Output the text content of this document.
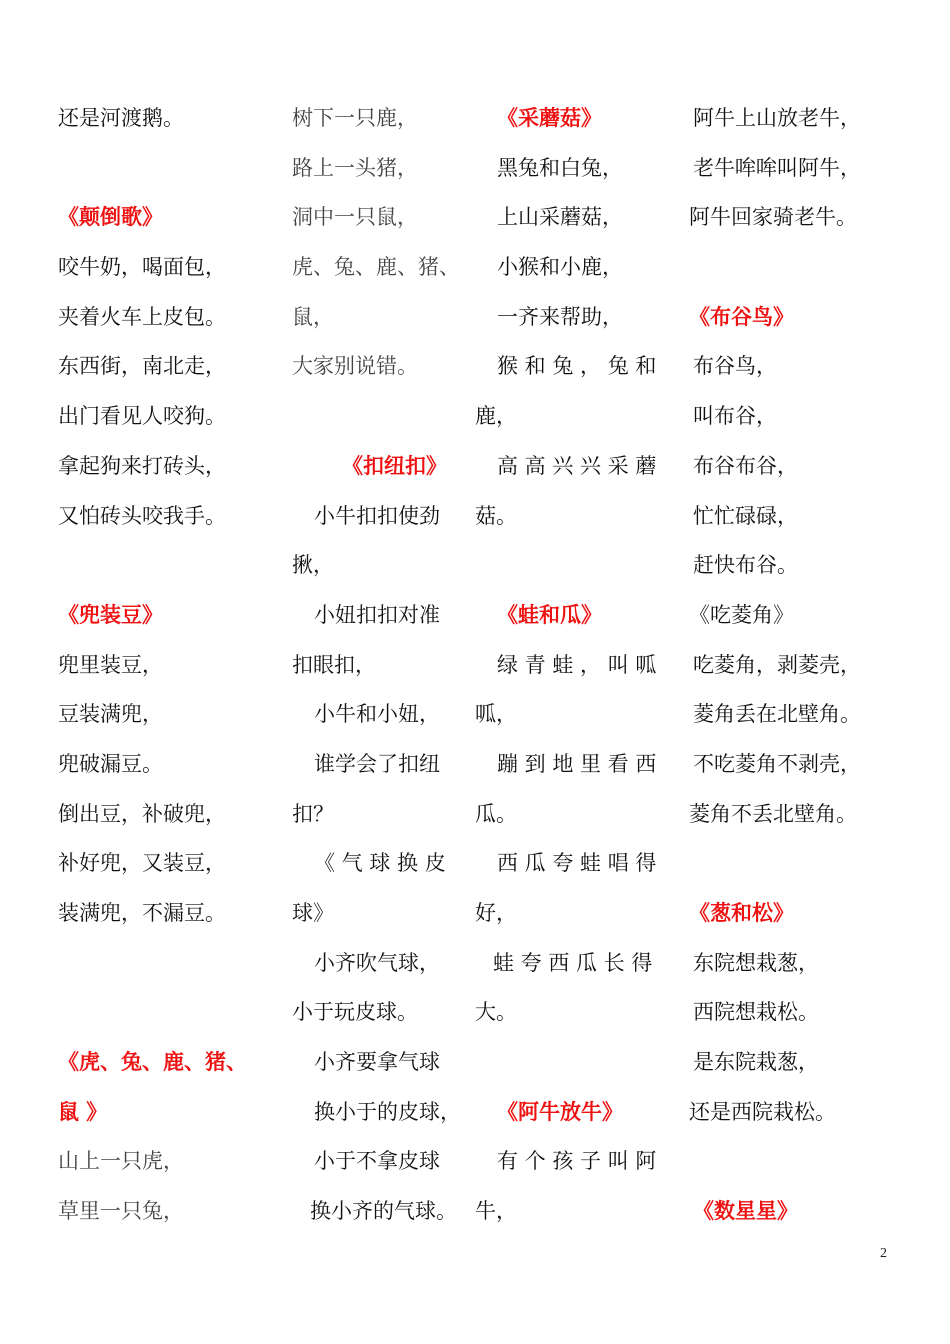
还是河渡鹅。
《颠倒歌》
咬牛奶，喝面包，
夹着火车上皮包。
东西街，南北走，
出门看见人咬狗。
拿起狗来打砖头，
又怕砖头咬我手。
《兜装豆》
兜里装豆，
豆装满兜，
兜破漏豆。
倒出豆，补破兜，
补好兜，又装豆，
装满兜，不漏豆。
《虎、兔、鹿、猪、
鼠 》
山上一只虎，
草里一只兔，
树下一只鹿，
路上一头猪，
洞中一只鼠，
虎、兔、鹿、猪、
鼠，
大家别说错。
《扣纽扣》
小牛扣扣使劲
揪，
小妞扣扣对准
扣眼扣，
小牛和小妞，
谁学会了扣纽
扣？
《 气 球 换 皮
球》
小齐吹气球，
小于玩皮球。
小齐要拿气球
换小于的皮球，
小于不拿皮球
换小齐的气球。
《采蘑菇》
黑兔和白兔，
上山采蘑菇，
小猴和小鹿，
一齐来帮助，
猴 和 兔 ， 兔 和
鹿，
高 高 兴 兴 采 蘑
菇。
《蛙和瓜》
绿 青 蛙 ， 叫 呱
呱，
蹦 到 地 里 看 西
瓜。
西 瓜 夸 蛙 唱 得
好，
蛙 夸 西 瓜 长 得
大。
《阿牛放牛》
有 个 孩 子 叫 阿
牛，
阿牛上山放老牛，
老牛哞哞叫阿牛，
阿牛回家骑老牛。
《布谷鸟》
布谷鸟，
叫布谷，
布谷布谷，
忙忙碌碌，
赶快布谷。
《吃菱角》
吃菱角，剥菱壳，
菱角丢在北壁角。
不吃菱角不剥壳，
菱角不丢北壁角。
《葱和松》
东院想栽葱，
西院想栽松。
是东院栽葱，
还是西院栽松。
《数星星》
2
